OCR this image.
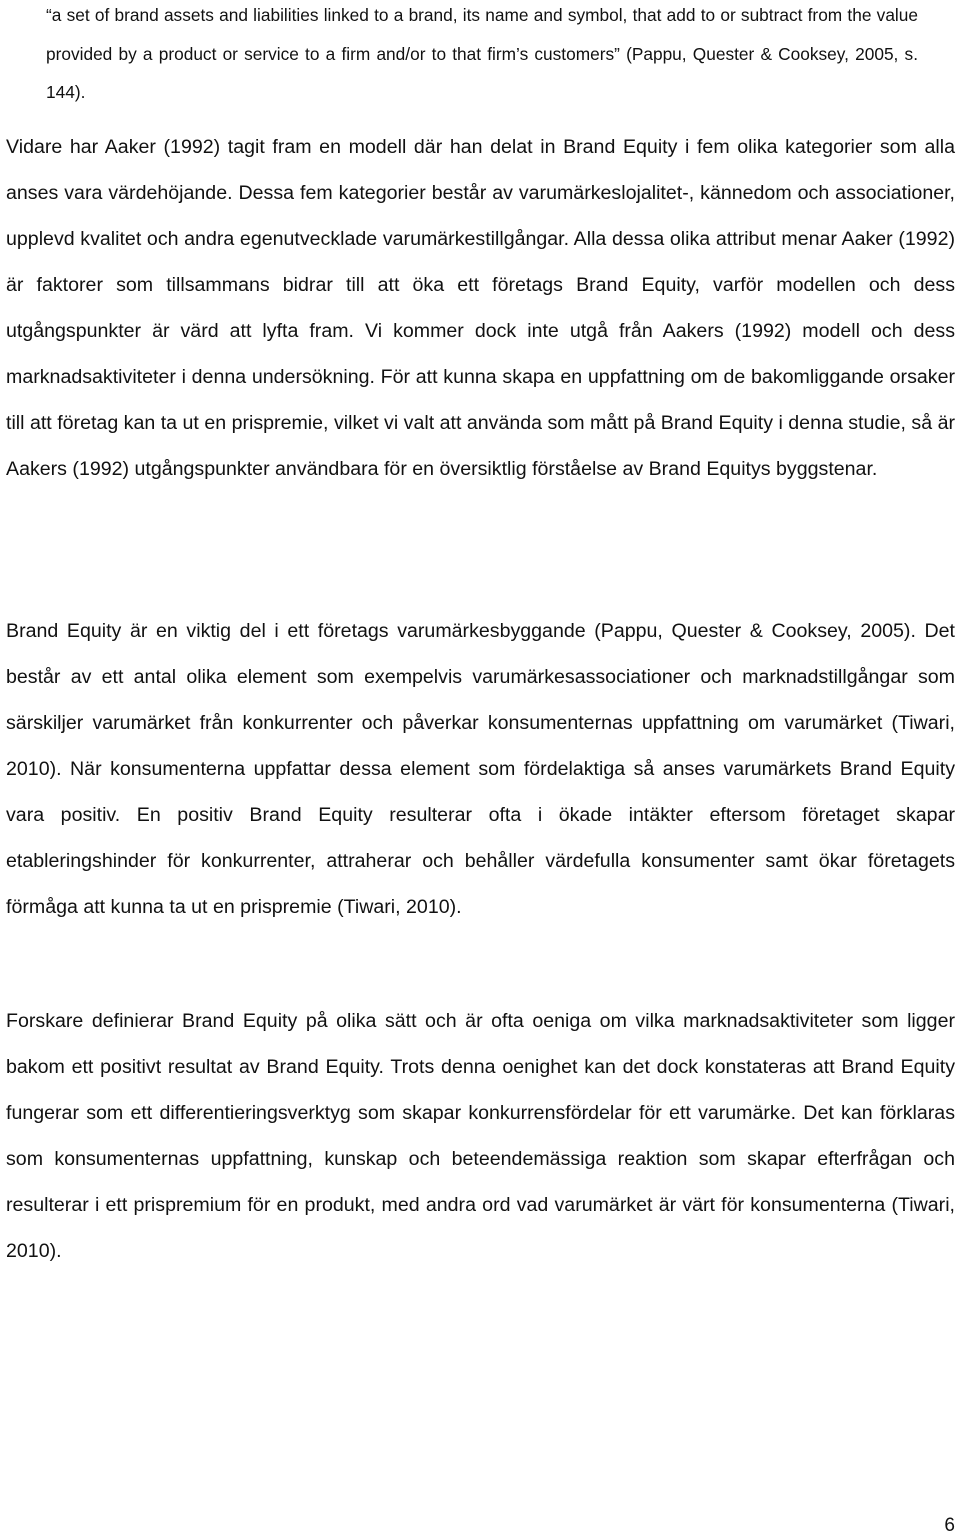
“a set of brand assets and liabilities linked to a brand, its name and symbol, that add to or subtract from the value provided by a product or service to a firm and/or to that firm’s customers” (Pappu, Quester & Cooksey, 2005, s. 144).

Vidare har Aaker (1992) tagit fram en modell där han delat in Brand Equity i fem olika kategorier som alla anses vara värdehöjande. Dessa fem kategorier består av varumärkeslojalitet-, kännedom och associationer, upplevd kvalitet och andra egenutvecklade varumärkestillgångar. Alla dessa olika attribut menar Aaker (1992) är faktorer som tillsammans bidrar till att öka ett företags Brand Equity, varför modellen och dess utgångspunkter är värd att lyfta fram. Vi kommer dock inte utgå från Aakers (1992) modell och dess marknadsaktiviteter i denna undersökning. För att kunna skapa en uppfattning om de bakomliggande orsaker till att företag kan ta ut en prispremie, vilket vi valt att använda som mått på Brand Equity i denna studie, så är Aakers (1992) utgångspunkter användbara för en översiktlig förståelse av Brand Equitys byggstenar.

Brand Equity är en viktig del i ett företags varumärkesbyggande (Pappu, Quester & Cooksey, 2005). Det består av ett antal olika element som exempelvis varumärkesassociationer och marknadstillgångar som särskiljer varumärket från konkurrenter och påverkar konsumenternas uppfattning om varumärket (Tiwari, 2010). När konsumenterna uppfattar dessa element som fördelaktiga så anses varumärkets Brand Equity vara positiv. En positiv Brand Equity resulterar ofta i ökade intäkter eftersom företaget skapar etableringshinder för konkurrenter, attraherar och behåller värdefulla konsumenter samt ökar företagets förmåga att kunna ta ut en prispremie (Tiwari, 2010).

Forskare definierar Brand Equity på olika sätt och är ofta oeniga om vilka marknadsaktiviteter som ligger bakom ett positivt resultat av Brand Equity. Trots denna oenighet kan det dock konstateras att Brand Equity fungerar som ett differentieringsverktyg som skapar konkurrensfördelar för ett varumärke. Det kan förklaras som konsumenternas uppfattning, kunskap och beteendemässiga reaktion som skapar efterfrågan och resulterar i ett prispremium för en produkt, med andra ord vad varumärket är värt för konsumenterna (Tiwari, 2010).

6
